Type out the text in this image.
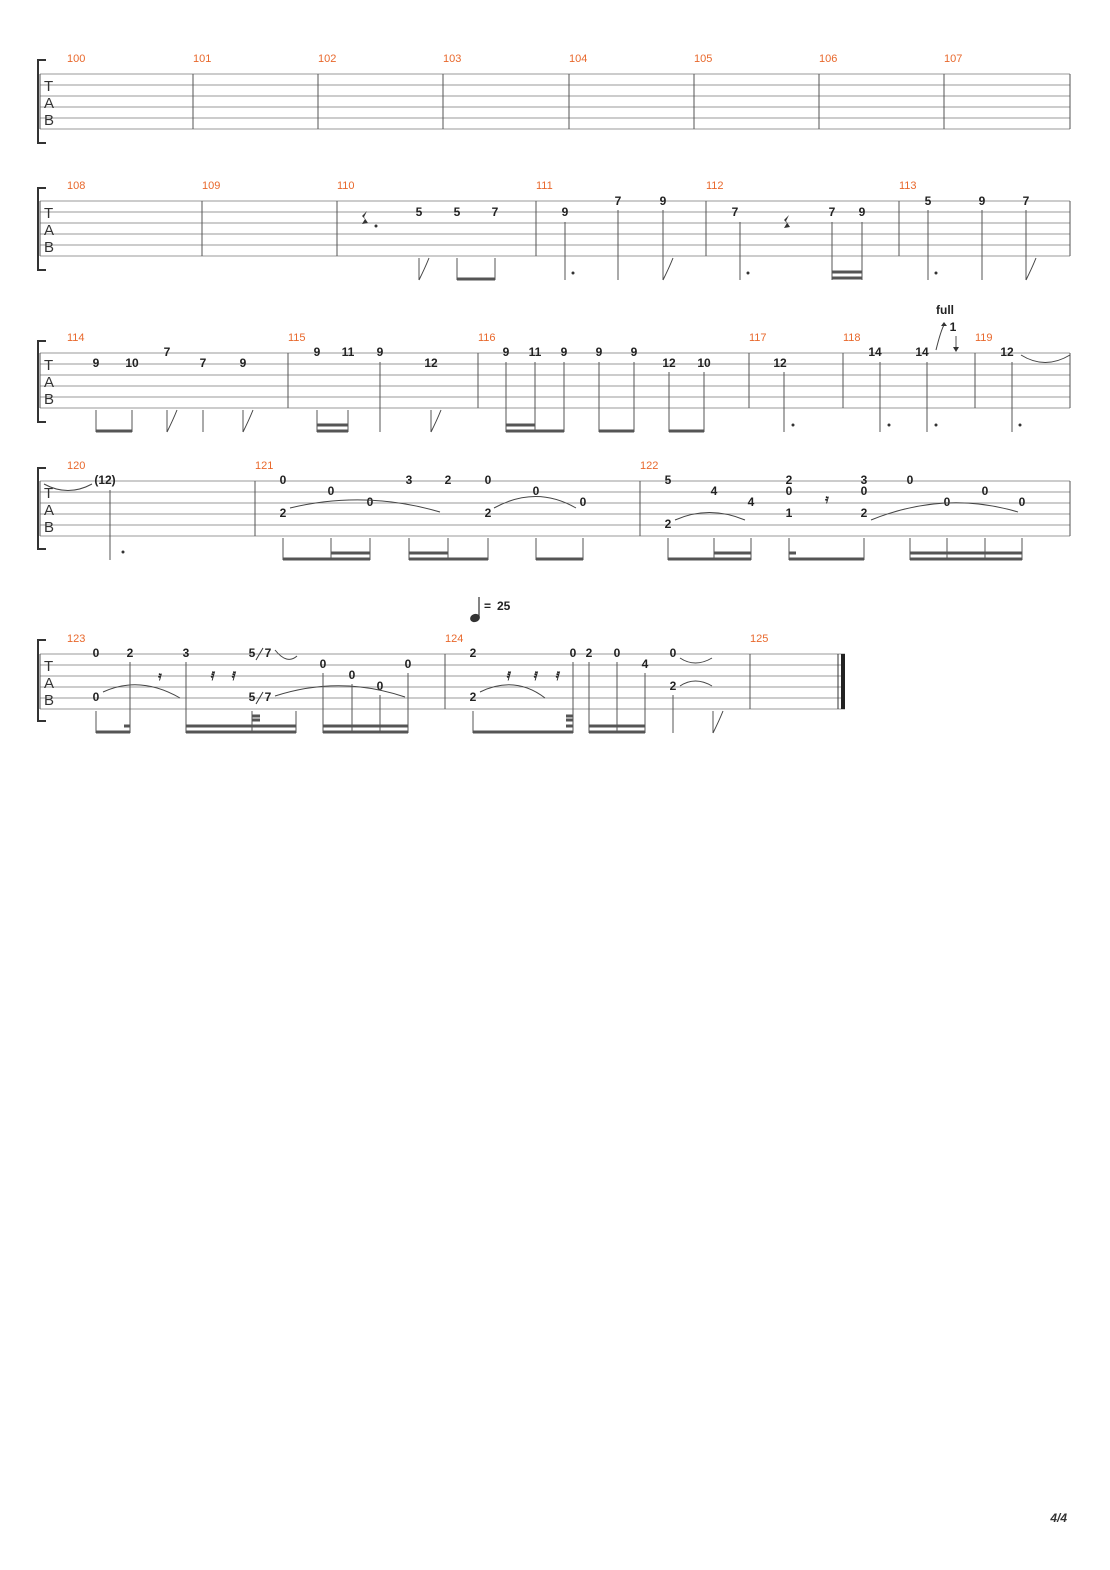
T
A
B
100	101	102	103	104	105	106	107
T
A
B
108	109	110	111	112	113
5	5	7	9
7	9
7	7 9
5	9	7
T
A
B
114	115	116	117	118	119
9 10
7
7	9
9 11 9
12
9 11 9 9 9
12 10	12
14	14
full
1
12
T
A
B
120	121	122
(12)	0
2
0
0
3	2	0
2
0
0
5
2
4
4
2
0
1
3
0
2
0
0
0
0
𝄿
= 25
T
A
B
123	124	125
0
0
2	3	5 7
5 7
0
0
0
0
𝄿	𝅀 𝅀
2
2
0 2 0
4
0
2
𝅀 𝅀 𝅀
4/4
